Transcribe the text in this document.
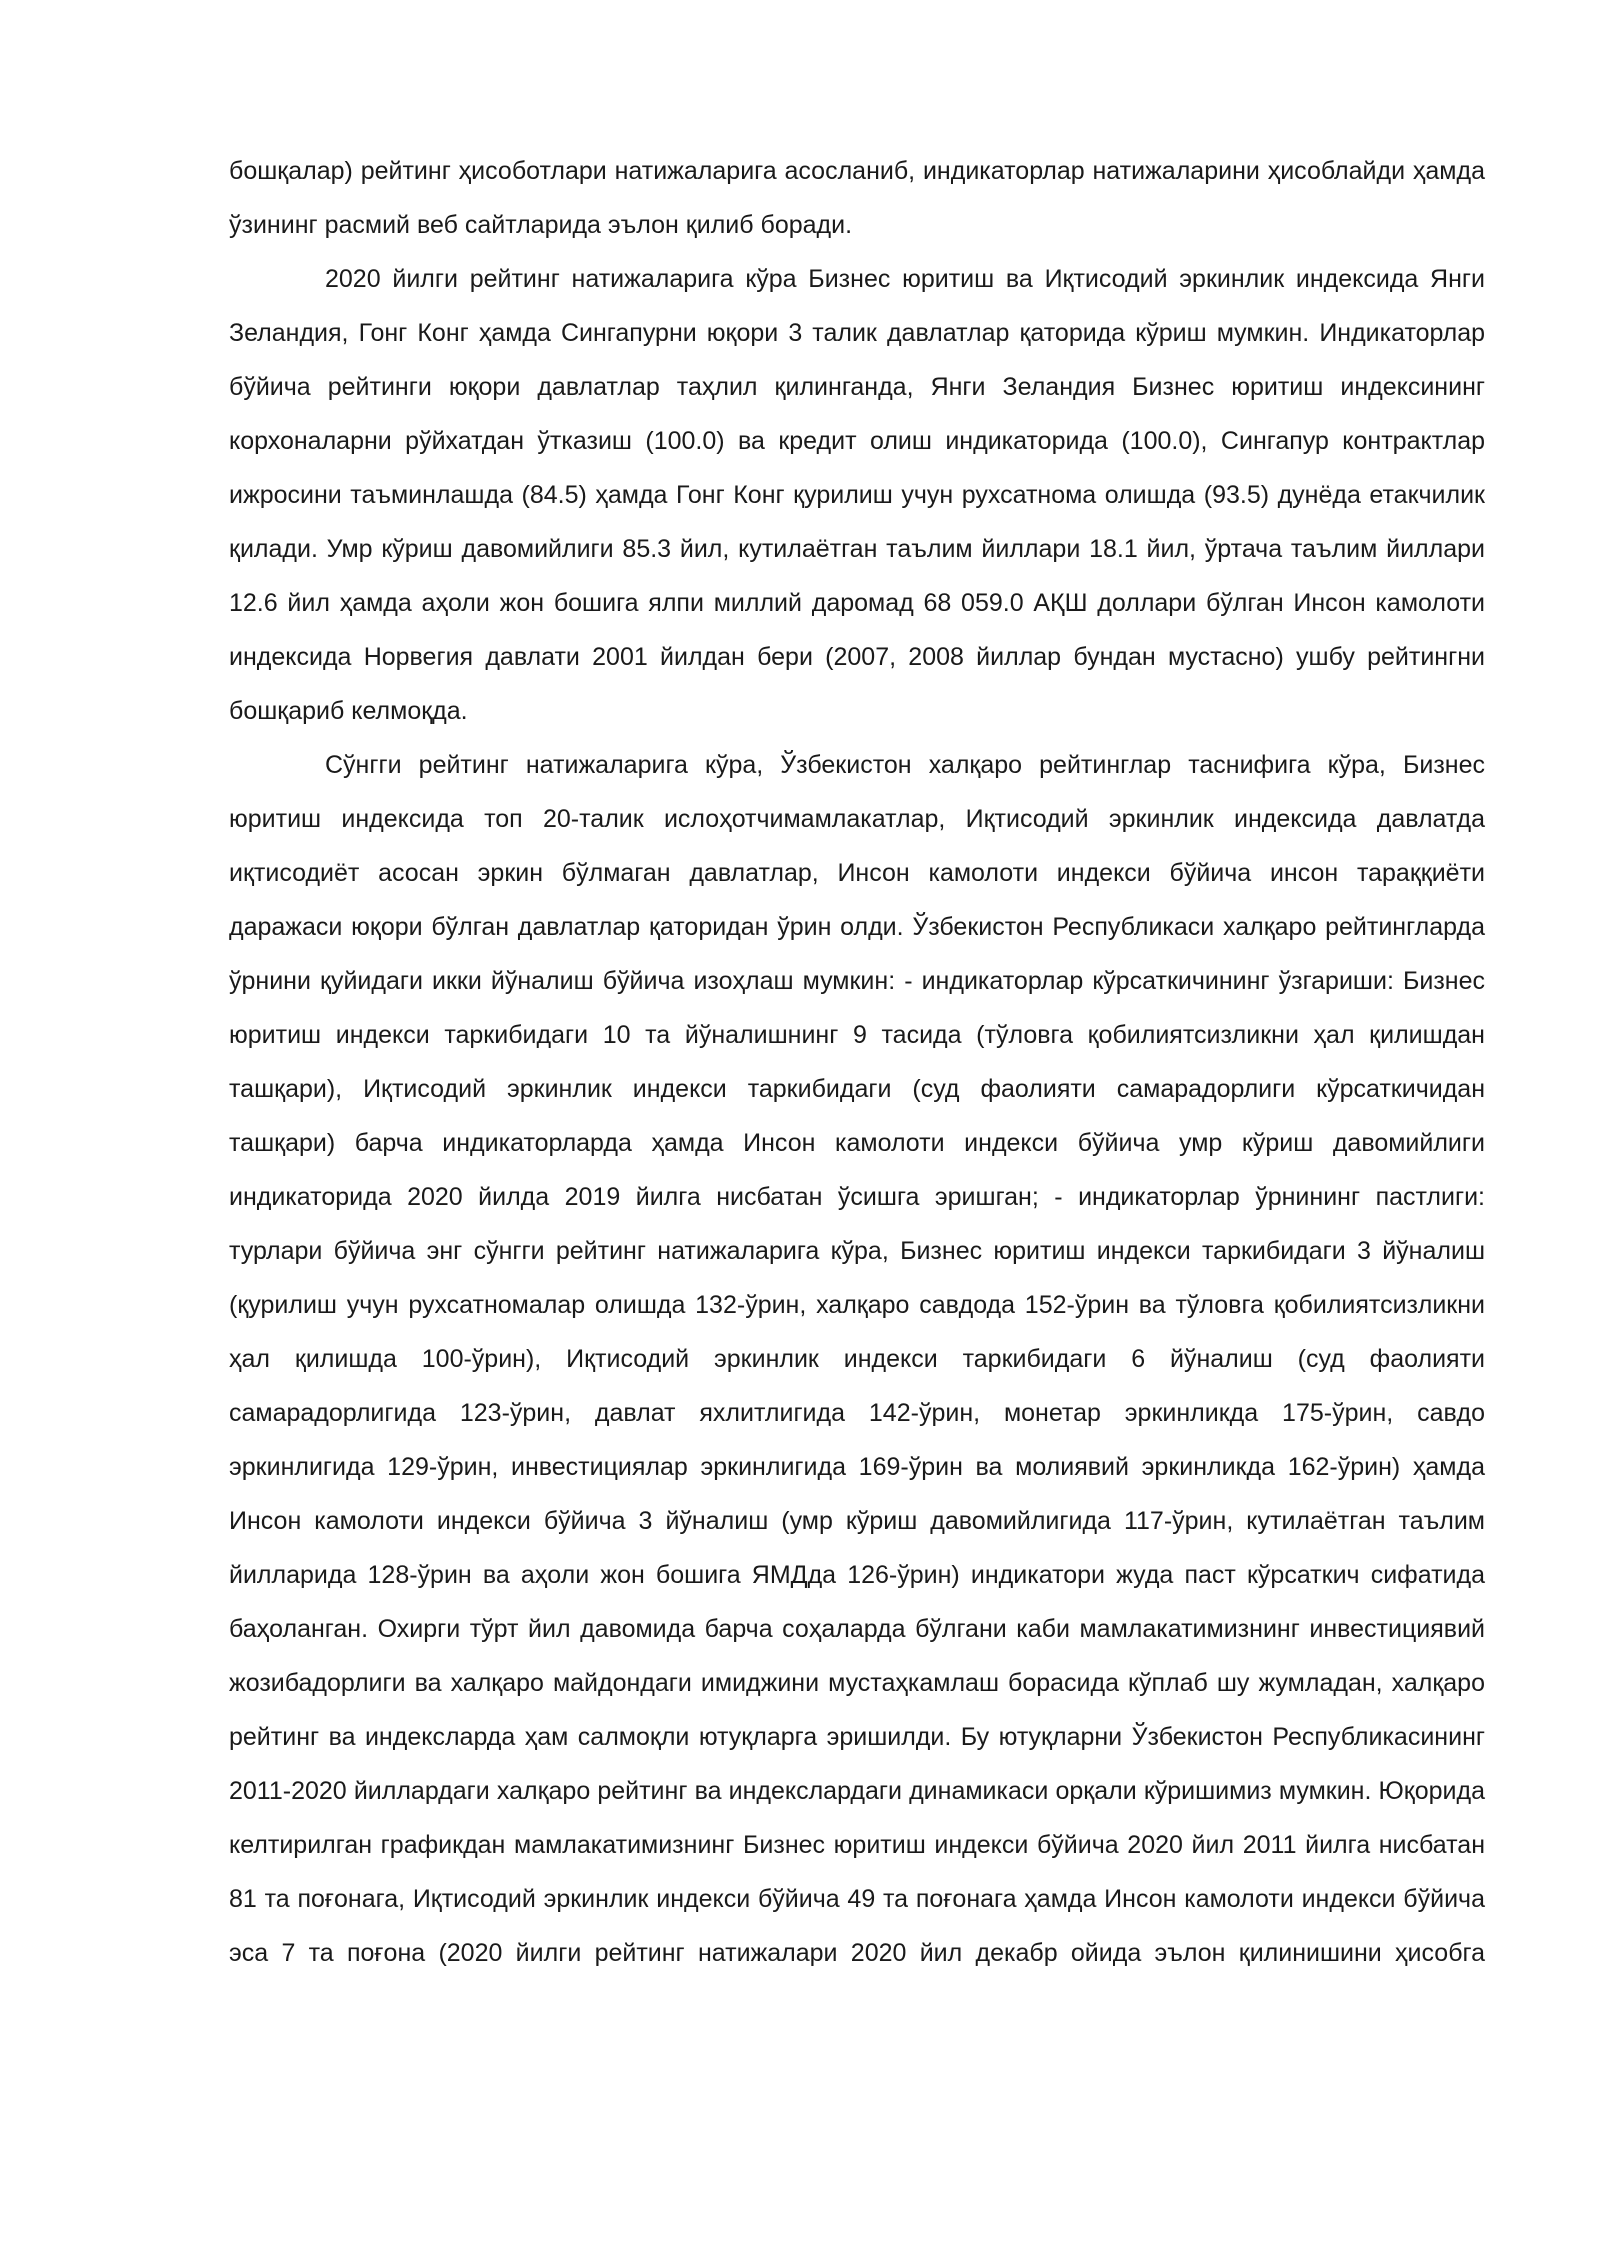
бошқалар) рейтинг ҳисоботлари натижаларига асосланиб, индикаторлар натижаларини ҳисоблайди ҳамда ўзининг расмий веб сайтларида эълон қилиб боради.

2020 йилги рейтинг натижаларига кўра Бизнес юритиш ва Иқтисодий эркинлик индексида Янги Зеландия, Гонг Конг ҳамда Сингапурни юқори 3 талик давлатлар қаторида кўриш мумкин. Индикаторлар бўйича рейтинги юқори давлатлар таҳлил қилинганда, Янги Зеландия Бизнес юритиш индексининг корхоналарни рўйхатдан ўтказиш (100.0) ва кредит олиш индикаторида (100.0), Сингапур контрактлар ижросини таъминлашда (84.5) ҳамда Гонг Конг қурилиш учун рухсатнома олишда (93.5) дунёда етакчилик қилади. Умр кўриш давомийлиги 85.3 йил, кутилаётган таълим йиллари 18.1 йил, ўртача таълим йиллари 12.6 йил ҳамда аҳоли жон бошига ялпи миллий даромад 68 059.0 АҚШ доллари бўлган Инсон камолоти индексида Норвегия давлати 2001 йилдан бери (2007, 2008 йиллар бундан мустасно) ушбу рейтингни бошқариб келмоқда.

Сўнгги рейтинг натижаларига кўра, Ўзбекистон халқаро рейтинглар таснифига кўра, Бизнес юритиш индексида топ 20-талик ислоҳотчимамлакатлар, Иқтисодий эркинлик индексида давлатда иқтисодиёт асосан эркин бўлмаган давлатлар, Инсон камолоти индекси бўйича инсон тараққиёти даражаси юқори бўлган давлатлар қаторидан ўрин олди. Ўзбекистон Республикаси халқаро рейтингларда ўрнини қуйидаги икки йўналиш бўйича изоҳлаш мумкин: - индикаторлар кўрсаткичининг ўзгариши: Бизнес юритиш индекси таркибидаги 10 та йўналишнинг 9 тасида (тўловга қобилиятсизликни ҳал қилишдан ташқари), Иқтисодий эркинлик индекси таркибидаги (суд фаолияти самарадорлиги кўрсаткичидан ташқари) барча индикаторларда ҳамда Инсон камолоти индекси бўйича умр кўриш давомийлиги индикаторида 2020 йилда 2019 йилга нисбатан ўсишга эришган; - индикаторлар ўрнининг пастлиги: турлари бўйича энг сўнгги рейтинг натижаларига кўра, Бизнес юритиш индекси таркибидаги 3 йўналиш (қурилиш учун рухсатномалар олишда 132-ўрин, халқаро савдода 152-ўрин ва тўловга қобилиятсизликни ҳал қилишда 100-ўрин), Иқтисодий эркинлик индекси таркибидаги 6 йўналиш (суд фаолияти самарадорлигида 123-ўрин, давлат яхлитлигида 142-ўрин, монетар эркинликда 175-ўрин, савдо эркинлигида 129-ўрин, инвестициялар эркинлигида 169-ўрин ва молиявий эркинликда 162-ўрин) ҳамда Инсон камолоти индекси бўйича 3 йўналиш (умр кўриш давомийлигида 117-ўрин, кутилаётган таълим йилларида 128-ўрин ва аҳоли жон бошига ЯМДда 126-ўрин) индикатори жуда паст кўрсаткич сифатида баҳоланган. Охирги тўрт йил давомида барча соҳаларда бўлгани каби мамлакатимизнинг инвестициявий жозибадорлиги ва халқаро майдондаги имиджини мустаҳкамлаш борасида кўплаб шу жумладан, халқаро рейтинг ва индексларда ҳам салмоқли ютуқларга эришилди. Бу ютуқларни Ўзбекистон Республикасининг 2011-2020 йиллардаги халқаро рейтинг ва индекслардаги динамикаси орқали кўришимиз мумкин. Юқорида келтирилган графикдан мамлакатимизнинг Бизнес юритиш индекси бўйича 2020 йил 2011 йилга нисбатан 81 та поғонага, Иқтисодий эркинлик индекси бўйича 49 та поғонага ҳамда Инсон камолоти индекси бўйича эса 7 та поғона (2020 йилги рейтинг натижалари 2020 йил декабр ойида эълон қилинишини ҳисобга
